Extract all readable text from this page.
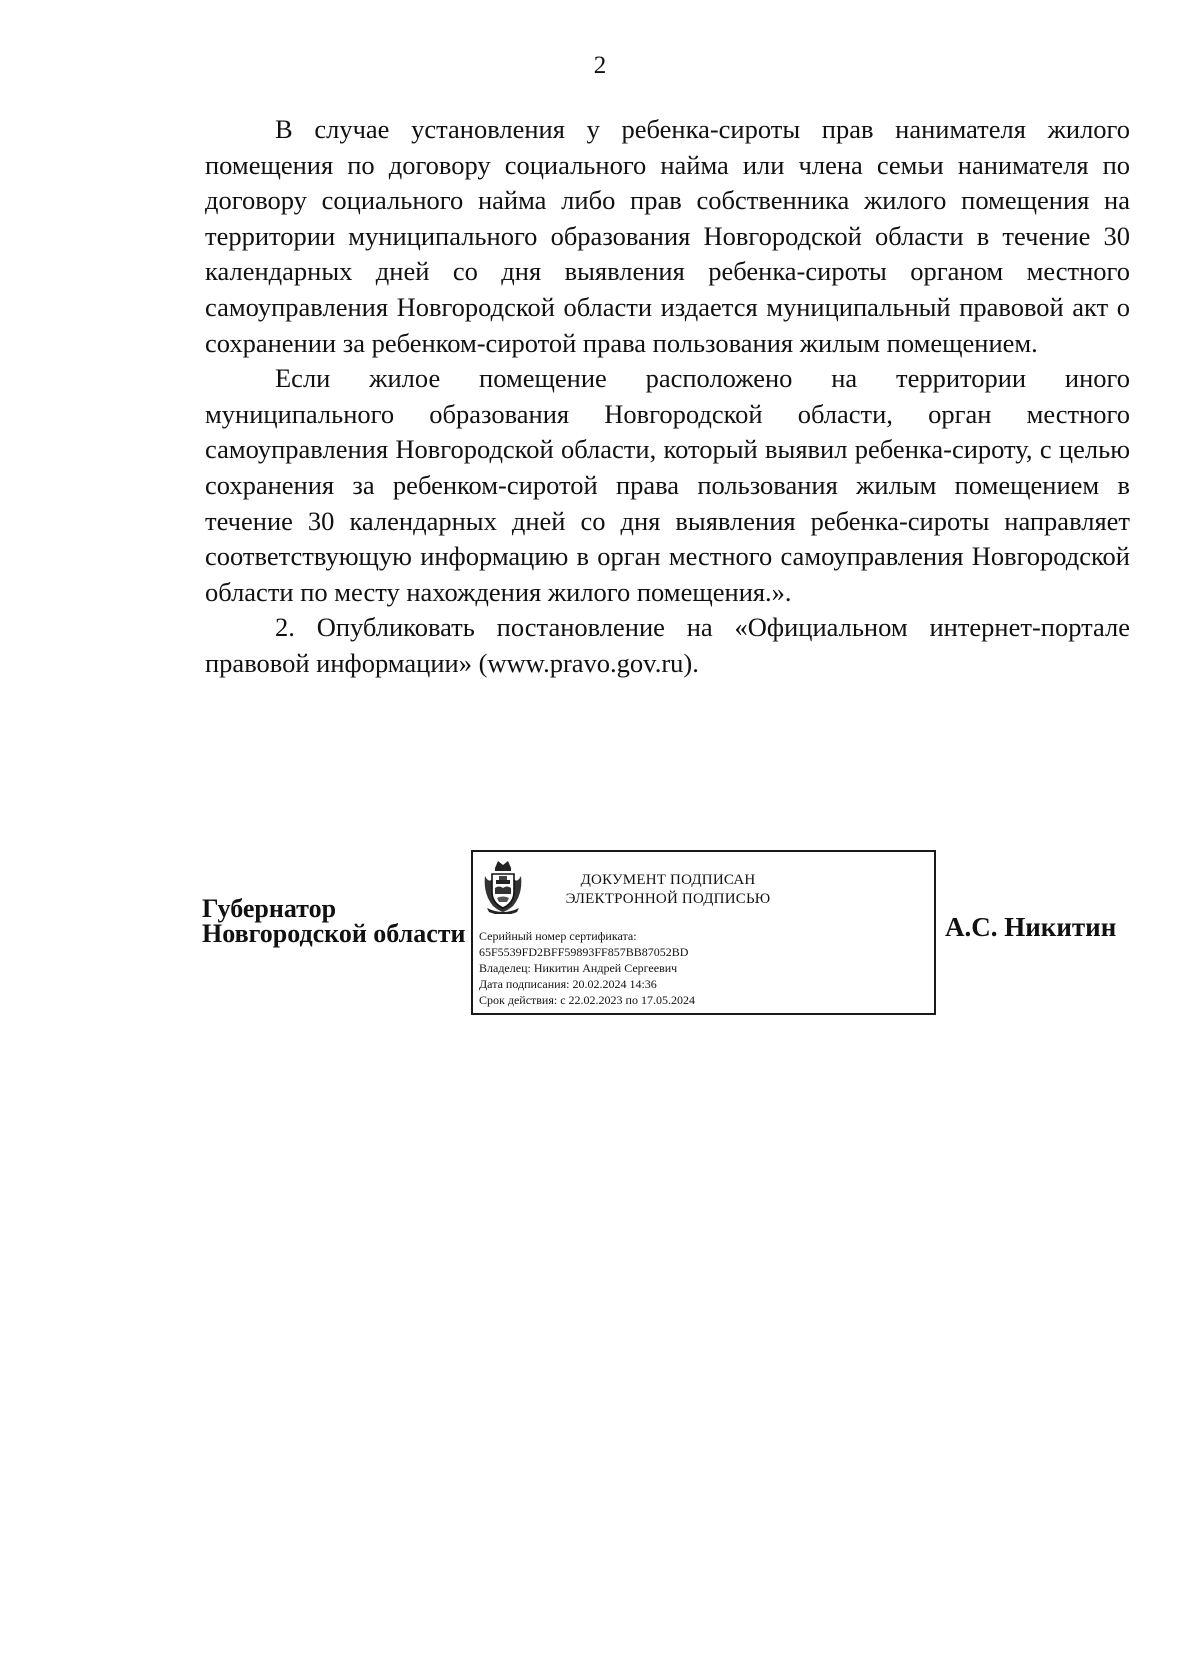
2

В случае установления у ребенка-сироты прав нанимателя жилого помещения по договору социального найма или члена семьи нанимателя по договору социального найма либо прав собственника жилого помещения на территории муниципального образования Новгородской области в течение 30 календарных дней со дня выявления ребенка-сироты органом местного самоуправления Новгородской области издается муниципальный правовой акт о сохранении за ребенком-сиротой права пользования жилым помещением.

Если жилое помещение расположено на территории иного муниципального образования Новгородской области, орган местного самоуправления Новгородской области, который выявил ребенка-сироту, с целью сохранения за ребенком-сиротой права пользования жилым помещением в течение 30 календарных дней со дня выявления ребенка-сироты направляет соответствующую информацию в орган местного самоуправления Новгородской области по месту нахождения жилого помещения.».

2. Опубликовать постановление на «Официальном интернет-портале правовой информации» (www.pravo.gov.ru).

Губернатор
Новгородской области
ДОКУМЕНТ ПОДПИСАН
ЭЛЕКТРОННОЙ ПОДПИСЬЮ
Серийный номер сертификата:
65F5539FD2BFF59893FF857BB87052BD
Владелец: Никитин Андрей Сергеевич
Дата подписания: 20.02.2024 14:36
Срок действия: с 22.02.2023 по 17.05.2024
А.С. Никитин
